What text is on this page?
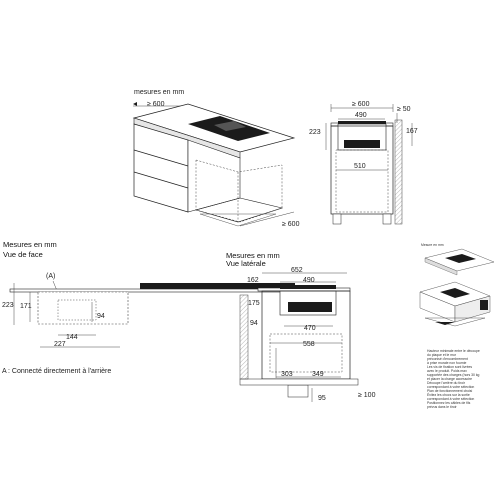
mesures en mm
≥ 600
≥ 600
≥ 600
490
≥ 50
510
223	167
Mesures en mm
Vue de face
(A)
223 171
94
144
227
A : Connecté directement à l'arrière
Mesures en mm
Vue latérale
652
490
162
175
470
94
558
303	349
95	≥ 100
Mesure en mm
Hauteur minimale entre le découpe
du plaque et le mur
préconisé d'encombrement
à prise murale non fournie
Les vis de fixation sont livrées
avec le produit. Poids max
supportée des charges (hors 30 kg
et placer la charge accessoire
Découpe l'arrière du tiroir
correspondant à votre sélection
Plan de fonctionnement choisi
Évitez les chocs sur la sortie
correspondant à votre sélection
Positionnez les câbles de fils
prévus dans le tiroir
